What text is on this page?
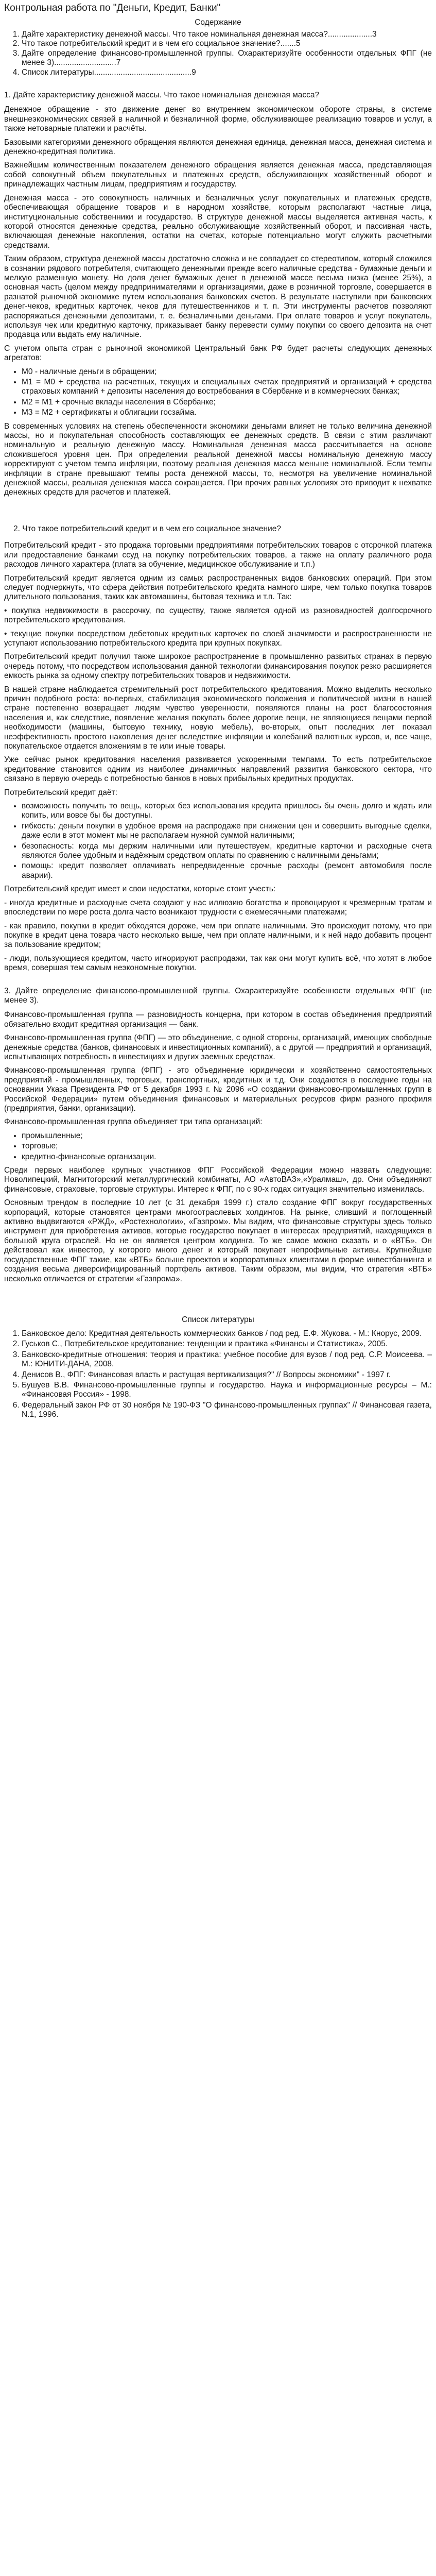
Контрольная работа по "Деньги, Кредит, Банки"
Содержание
1. Дайте характеристику денежной массы. Что такое номинальная денежная масса?....................3
2. Что такое потребительский кредит и в чем его социальное значение?.......5
3. Дайте определение финансово-промышленной группы. Охарактеризуйте особенности отдельных ФПГ (не менее 3)............................7
4. Список литературы............................................9

1. Дайте характеристику денежной массы. Что такое номинальная денежная масса?

Денежное обращение - это движение денег во внутреннем экономическом обороте страны, в системе внешнеэкономических связей в наличной и безналичной форме, обслуживающее реализацию товаров и услуг, а также нетоварные платежи и расчёты.

Базовыми категориями денежного обращения являются денежная единица, денежная масса, денежная система и денежно-кредитная политика.

Важнейшим количественным показателем денежного обращения является денежная масса, представляющая собой совокупный объем покупательных и платежных средств, обслуживающих хозяйственный оборот и принадлежащих частным лицам, предприятиям и государству.

Денежная масса - это совокупность наличных и безналичных услуг покупательных и платежных средств, обеспечивающая обращение товаров и в народном хозяйстве, которым располагают частные лица, институциональные собственники и государство. В структуре денежной массы выделяется активная часть, к которой относятся денежные средства, реально обслуживающие хозяйственный оборот, и пассивная часть, включающая денежные накопления, остатки на счетах, которые потенциально могут служить расчетными средствами.

Таким образом, структура денежной массы достаточно сложна и не совпадает со стереотипом, который сложился в сознании рядового потребителя, считающего денежными прежде всего наличные средства - бумажные деньги и мелкую разменную монету. Но доля денег бумажных денег в денежной массе весьма низка (менее 25%), а основная часть (целом между предпринимателями и организациями, даже в розничной торговле, совершается в разнатой рыночной экономике путем использования банковских счетов. В результате наступили при банковских денег-чеков, кредитных карточек, чеков для путешественников и т. п. Эти инструменты расчетов позволяют распоряжаться денежными депозитами, т. е. безналичными деньгами. При оплате товаров и услуг покупатель, используя чек или кредитную карточку, приказывает банку перевести сумму покупки со своего депозита на счет продавца или выдать ему наличные.

С учетом опыта стран с рыночной экономикой Центральный банк РФ будет расчеты следующих денежных агрегатов:

• М0 - наличные деньги в обращении;
• М1 = М0 + средства на расчетных, текущих и специальных счетах предприятий и организаций + средства страховых компаний + депозиты населения до востребования в Сбербанке и в коммерческих банках;
• М2 = М1 + срочные вклады населения в Сбербанке;
• М3 = М2 + сертификаты и облигации госзайма.

В современных условиях на степень обеспеченности экономики деньгами влияет не только величина денежной массы, но и покупательная способность составляющих ее денежных средств. В связи с этим различают номинальную и реальную денежную массу. Номинальная денежная масса рассчитывается на основе сложившегося уровня цен. При определении реальной денежной массы номинальную денежную массу корректируют с учетом темпа инфляции, поэтому реальная денежная масса меньше номинальной. Если темпы инфляции в стране превышают темпы роста денежной массы, то, несмотря на увеличение номинальной денежной массы, реальная денежная масса сокращается. При прочих равных условиях это приводит к нехватке денежных средств для расчетов и платежей.

2. Что такое потребительский кредит и в чем его социальное значение?

Потребительский кредит - это продажа торговыми предприятиями потребительских товаров с отсрочкой платежа или предоставление банками ссуд на покупку потребительских товаров, а также на оплату различного рода расходов личного характера (плата за обучение, медицинское обслуживание и т.п.)

Потребительский кредит является одним из самых распространенных видов банковских операций. При этом следует подчеркнуть, что сфера действия потребительского кредита намного шире, чем только покупка товаров длительного пользования, таких как автомашины, бытовая техника и т.п. Так:

• покупка недвижимости в рассрочку, по существу, также является одной из разновидностей долгосрочного потребительского кредитования.

• текущие покупки посредством дебетовых кредитных карточек по своей значимости и распространенности не уступают использованию потребительского кредита при крупных покупках.

Потребительский кредит получил также широкое распространение в промышленно развитых странах в первую очередь потому, что посредством использования данной технологии финансирования покупок резко расширяется емкость рынка за одному спектру потребительских товаров и недвижимости.

В нашей стране наблюдается стремительный рост потребительского кредитования. Можно выделить несколько причин подобного роста: во-первых, стабилизация экономического положения и политической жизни в нашей стране постепенно возвращает людям чувство уверенности, появляются планы на рост благосостояния населения и, как следствие, появление желания покупать более дорогие вещи, не являющиеся вещами первой необходимости (машины, бытовую технику, новую мебель), во-вторых, опыт последних лет показал неэффективность простого накопления денег вследствие инфляции и колебаний валютных курсов, и, все чаще, покупательское отдается вложениям в те или иные товары.

Уже сейчас рынок кредитования населения развивается ускоренными темпами. То есть потребительское кредитование становится одним из наиболее динамичных направлений развития банковского сектора, что связано в первую очередь с потребностью банков в новых прибыльных кредитных продуктах.

Потребительский кредит даёт:

• возможность получить то вещь, которых без использования кредита пришлось бы очень долго и ждать или копить, или вовсе бы бы доступны.
• гибкость: деньги покупки в удобное время на распродаже при снижении цен и совершить выгодные сделки, даже если в этот момент мы не располагаем нужной суммой наличными;
• безопасность: когда мы держим наличными или путешествуем, кредитные карточки и расходные счета являются более удобным и надёжным средством оплаты по сравнению с наличными деньгами;
• помощь: кредит позволяет оплачивать непредвиденные срочные расходы (ремонт автомобиля после аварии).

Потребительский кредит имеет и свои недостатки, которые стоит учесть:

- иногда кредитные и расходные счета создают у нас иллюзию богатства и провоцируют к чрезмерным тратам и впоследствии по мере роста долга часто возникают трудности с ежемесячными платежами;

- как правило, покупки в кредит обходятся дороже, чем при оплате наличными. Это происходит потому, что при покупке в кредит цена товара часто несколько выше, чем при оплате наличными, и к ней надо добавить процент за пользование кредитом;

- люди, пользующиеся кредитом, часто игнорируют распродажи, так как они могут купить всё, что хотят в любое время, совершая тем самым неэкономные покупки.

3. Дайте определение финансово-промышленной группы. Охарактеризуйте особенности отдельных ФПГ (не менее 3).

Финансово-промышленная группа — разновидность концерна, при котором в состав объединения предприятий обязательно входит кредитная организация — банк.

Финансово-промышленная группа (ФПГ) — это объединение, с одной стороны, организаций, имеющих свободные денежные средства (банков, финансовых и инвестиционных компаний), а с другой — предприятий и организаций, испытывающих потребность в инвестициях и других заемных средствах.

Финансово-промышленная группа (ФПГ) - это объединение юридически и хозяйственно самостоятельных предприятий - промышленных, торговых, транспортных, кредитных и т.д. Они создаются в последние годы на основании Указа Президента РФ от 5 декабря 1993 г. № 2096 «О создании финансово-промышленных групп в Российской Федерации» путем объединения финансовых и материальных ресурсов фирм разного профиля (предприятия, банки, организации).

Финансово-промышленная группа объединяет три типа организаций:

• промышленные;
• торговые;
• кредитно-финансовые организации.

Среди первых наиболее крупных участников ФПГ Российской Федерации можно назвать следующие: Новолипецкий, Магнитогорский металлургический комбинаты, АО «АвтоВАЗ»,«Уралмаш», др. Они объединяют финансовые, страховые, торговые структуры. Интерес к ФПГ, по с 90-х годах ситуация значительно изменилась.

Основным трендом в последние 10 лет (с 31 декабря 1999 г.) стало создание ФПГ вокруг государственных корпораций, которые становятся центрами многоотраслевых холдингов. На рынке, сливший и поглощенный активно выдвигаются «РЖД», «Ростехнологии», «Газпром». Мы видим, что финансовые структуры здесь только инструмент для приобретения активов, которые государство покупает в интересах предприятий, находящихся в большой круга отраслей. Но не он является центром холдинга. То же самое можно сказать и о «ВТБ». Он действовал как инвестор, у которого много денег и который покупает непрофильные активы. Крупнейшие государственные ФПГ такие, как «ВТБ» больше проектов и корпоративных клиентами в форме инвестбанкинга и создания весьма диверсифицированный портфель активов. Таким образом, мы видим, что стратегия «ВТБ» несколько отличается от стратегии «Газпрома».

Список литературы
1. Банковское дело: Кредитная деятельность коммерческих банков / под ред. Е.Ф. Жукова. - М.: Кнорус, 2009.
2. Гуськов С., Потребительское кредитование: тенденции и практика «Финансы и Статистика», 2005.
3. Банковско-кредитные отношения: теория и практика: учебное пособие для вузов / под ред. С.Р. Моисеева. – М.: ЮНИТИ-ДАНА, 2008.
4. Денисов В., ФПГ: Финансовая власть и растущая вертикализация?" // Вопросы экономики" - 1997 г.
5. Бушуев В.В. Финансово-промышленные группы и государство. Наука и информационные ресурсы – М.: «Финансовая Россия» - 1998.
6. Федеральный закон РФ от 30 ноября № 190-ФЗ "О финансово-промышленных группах" // Финансовая газета, N.1, 1996.
